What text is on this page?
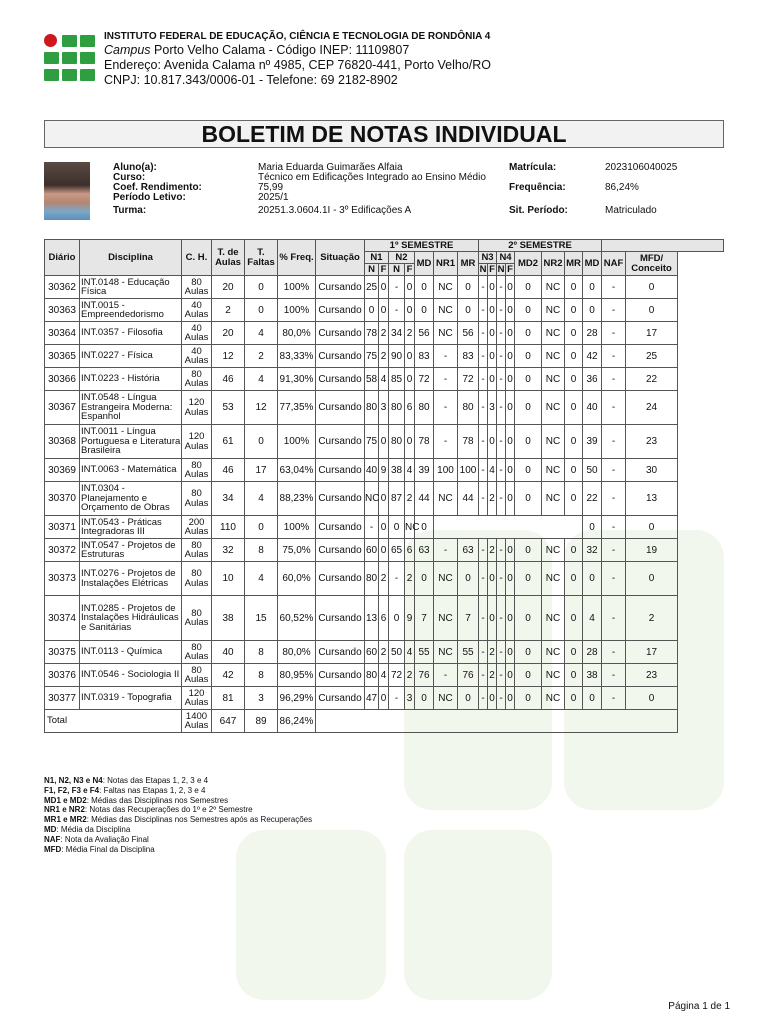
INSTITUTO FEDERAL DE EDUCAÇÃO, CIÊNCIA E TECNOLOGIA DE RONDÔNIA 4
Campus Porto Velho Calama - Código INEP: 11109807
Endereço: Avenida Calama nº 4985, CEP 76820-441, Porto Velho/RO
CNPJ: 10.817.343/0006-01 - Telefone: 69 2182-8902
BOLETIM DE NOTAS INDIVIDUAL
Aluno(a):	Maria Eduarda Guimarães Alfaia
Curso:	Técnico em Edificações Integrado ao Ensino Médio
Coef. Rendimento:	75,99
Período Letivo:	2025/1
Turma:	20251.3.0604.1I - 3º Edificações A
Matrícula:	2023106040025
Frequência:	86,24%
Sit. Período:	Matriculado
Diário	Disciplina	C. H.	T. de Aulas	T. Faltas	% Freq.	Situação	1º SEMESTRE							2º SEMESTRE									
							N1		N2		MD	NR1	MR	N3		N4		MD2	NR2	MR	MD	NAF	MFD/ Conceito
							N	F	N	F				N	F	N	F						
30362	INT.0148 - Educação Física	80 Aulas	20	0	100%	Cursando	25	0	-	0	0	NC	0	-	0	-	0	0	NC	0	0	-	0
30363	INT.0015 - Empreendedorismo	40 Aulas	2	0	100%	Cursando	0	0	-	0	0	NC	0	-	0	-	0	0	NC	0	0	-	0
30364	INT.0357 - Filosofia	40 Aulas	20	4	80,0%	Cursando	78	2	34	2	56	NC	56	-	0	-	0	0	NC	0	28	-	17
30365	INT.0227 - Física	40 Aulas	12	2	83,33%	Cursando	75	2	90	0	83	-	83	-	0	-	0	0	NC	0	42	-	25
30366	INT.0223 - História	80 Aulas	46	4	91,30%	Cursando	58	4	85	0	72	-	72	-	0	-	0	0	NC	0	36	-	22
30367	INT.0548 - Língua Estrangeira Moderna: Espanhol	120 Aulas	53	12	77,35%	Cursando	80	3	80	6	80	-	80	-	3	-	0	0	NC	0	40	-	24
30368	INT.0011 - Língua Portuguesa e Literatura Brasileira	120 Aulas	61	0	100%	Cursando	75	0	80	0	78	-	78	-	0	-	0	0	NC	0	39	-	23
30369	INT.0063 - Matemática	80 Aulas	46	17	63,04%	Cursando	40	9	38	4	39	100	100	-	4	-	0	0	NC	0	50	-	30
30370	INT.0304 - Planejamento e Orçamento de Obras	80 Aulas	34	4	88,23%	Cursando	NC	0	87	2	44	NC	44	-	2	-	0	0	NC	0	22	-	13
30371	INT.0543 - Práticas Integradoras III	200 Aulas	110	0	100%	Cursando	-	0	0	NC	0										0	-	0
30372	INT.0547 - Projetos de Estruturas	80 Aulas	32	8	75,0%	Cursando	60	0	65	6	63	-	63	-	2	-	0	0	NC	0	32	-	19
30373	INT.0276 - Projetos de Instalações Elétricas	80 Aulas	10	4	60,0%	Cursando	80	2	-	2	0	NC	0	-	0	-	0	0	NC	0	0	-	0
30374	INT.0285 - Projetos de Instalações Hidráulicas e Sanitárias	80 Aulas	38	15	60,52%	Cursando	13	6	0	9	7	NC	7	-	0	-	0	0	NC	0	4	-	2
30375	INT.0113 - Química	80 Aulas	40	8	80,0%	Cursando	60	2	50	4	55	NC	55	-	2	-	0	0	NC	0	28	-	17
30376	INT.0546 - Sociologia II	80 Aulas	42	8	80,95%	Cursando	80	4	72	2	76	-	76	-	2	-	0	0	NC	0	38	-	23
30377	INT.0319 - Topografia	120 Aulas	81	3	96,29%	Cursando	47	0	-	3	0	NC	0	-	0	-	0	0	NC	0	0	-	0
Total		1400 Aulas	647	89	86,24%																		
N1, N2, N3 e N4: Notas das Etapas 1, 2, 3 e 4
F1, F2, F3 e F4: Faltas nas Etapas 1, 2, 3 e 4
MD1 e MD2: Médias das Disciplinas nos Semestres
NR1 e NR2: Notas das Recuperações do 1º e 2º Semestre
MR1 e MR2: Médias das Disciplinas nos Semestres após as Recuperações
MD: Média da Disciplina
NAF: Nota da Avaliação Final
MFD: Média Final da Disciplina
Página 1 de 1
